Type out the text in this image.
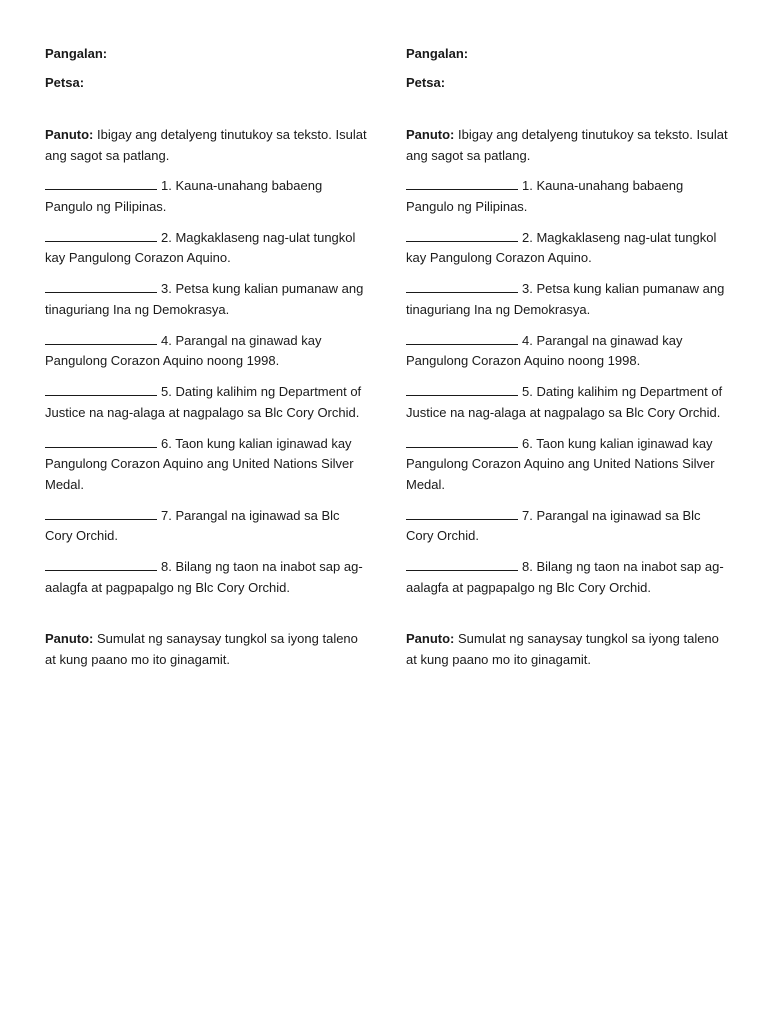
Pangalan:
Petsa:
Panuto: Ibigay ang detalyeng tinutukoy sa teksto. Isulat ang sagot sa patlang.
1. Kauna-unahang babaeng Pangulo ng Pilipinas.
2. Magkaklaseng nag-ulat tungkol kay Pangulong Corazon Aquino.
3. Petsa kung kalian pumanaw ang tinaguriang Ina ng Demokrasya.
4. Parangal na ginawad kay Pangulong Corazon Aquino noong 1998.
5. Dating kalihim ng Department of Justice na nag-alaga at nagpalago sa Blc Cory Orchid.
6. Taon kung kalian iginawad kay Pangulong Corazon Aquino ang United Nations Silver Medal.
7. Parangal na iginawad sa Blc Cory Orchid.
8. Bilang ng taon na inabot sap ag-aalagfa at pagpapalgo ng Blc Cory Orchid.
Panuto: Sumulat ng sanaysay tungkol sa iyong taleno at kung paano mo ito ginagamit.
Pangalan:
Petsa:
Panuto: Ibigay ang detalyeng tinutukoy sa teksto. Isulat ang sagot sa patlang.
1. Kauna-unahang babaeng Pangulo ng Pilipinas.
2. Magkaklaseng nag-ulat tungkol kay Pangulong Corazon Aquino.
3. Petsa kung kalian pumanaw ang tinaguriang Ina ng Demokrasya.
4. Parangal na ginawad kay Pangulong Corazon Aquino noong 1998.
5. Dating kalihim ng Department of Justice na nag-alaga at nagpalago sa Blc Cory Orchid.
6. Taon kung kalian iginawad kay Pangulong Corazon Aquino ang United Nations Silver Medal.
7. Parangal na iginawad sa Blc Cory Orchid.
8. Bilang ng taon na inabot sap ag-aalagfa at pagpapalgo ng Blc Cory Orchid.
Panuto: Sumulat ng sanaysay tungkol sa iyong taleno at kung paano mo ito ginagamit.
